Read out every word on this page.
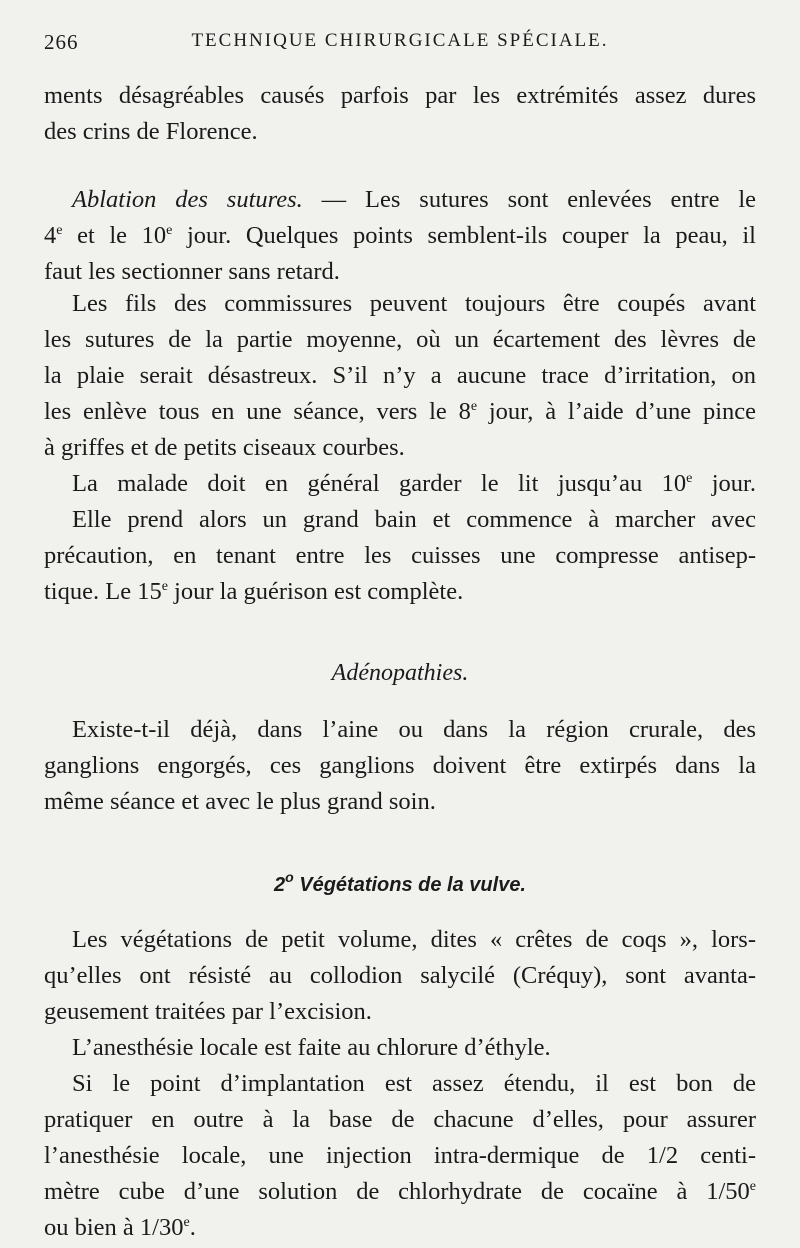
266	TECHNIQUE CHIRURGICALE SPÉCIALE.
ments désagréables causés parfois par les extrémités assez dures
des crins de Florence.
Ablation des sutures. — Les sutures sont enlevées entre le
4e et le 10e jour. Quelques points semblent-ils couper la peau, il
faut les sectionner sans retard.
Les fils des commissures peuvent toujours être coupés avant
les sutures de la partie moyenne, où un écartement des lèvres de
la plaie serait désastreux. S’il n’y a aucune trace d’irritation, on
les enlève tous en une séance, vers le 8e jour, à l’aide d’une pince
à griffes et de petits ciseaux courbes.
La malade doit en général garder le lit jusqu’au 10e jour.
Elle prend alors un grand bain et commence à marcher avec
précaution, en tenant entre les cuisses une compresse antisep-
tique. Le 15e jour la guérison est complète.
Adénopathies.
Existe-t-il déjà, dans l’aine ou dans la région crurale, des
ganglions engorgés, ces ganglions doivent être extirpés dans la
même séance et avec le plus grand soin.
2$^o$ Végétations de la vulve.
Les végétations de petit volume, dites « crêtes de coqs », lors-
qu’elles ont résisté au collodion salycilé (Créquy), sont avanta-
geusement traitées par l’excision.
L’anesthésie locale est faite au chlorure d’éthyle.
Si le point d’implantation est assez étendu, il est bon de
pratiquer en outre à la base de chacune d’elles, pour assurer
l’anesthésie locale, une injection intra-dermique de 1/2 centi-
mètre cube d’une solution de chlorhydrate de cocaïne à 1/50e
ou bien à 1/30e.
